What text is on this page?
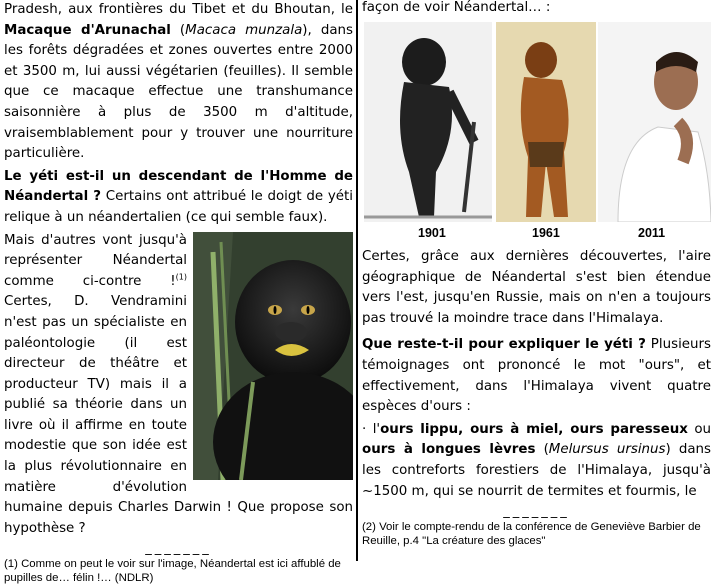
Pradesh, aux frontières du Tibet et du Bhoutan, le Macaque d'Arunachal (Macaca munzala), dans les forêts dégradées et zones ouvertes entre 2000 et 3500 m, lui aussi végétarien (feuilles). Il semble que ce macaque effectue une transhumance saisonnière à plus de 3500 m d'altitude, vraisemblablement pour y trouver une nourriture particulière.

Le yéti est-il un descendant de l'Homme de Néandertal ? Certains ont attribué le doigt de yéti relique à un néandertalien (ce qui semble faux).

Mais d'autres vont jusqu'à représenter Néandertal comme ci-contre !$^{(1)}$ Certes, D. Vendramini n'est pas un spécialiste en paléontologie (il est directeur de théâtre et producteur TV) mais il a publié sa théorie dans un livre où il affirme en toute modestie que son idée est la plus révolutionnaire en matière d'évolution humaine depuis Charles Darwin ! Que propose son hypothèse ?

_______
(1) Comme on peut le voir sur l'image, Néandertal est ici affublé de pupilles de… félin !… (NDLR)
façon de voir Néandertal… :
1901	1961	2011

Certes, grâce aux dernières découvertes, l'aire géographique de Néandertal s'est bien étendue vers l'est, jusqu'en Russie, mais on n'en a toujours pas trouvé la moindre trace dans l'Himalaya.

Que reste-t-il pour expliquer le yéti ? Plusieurs témoignages ont prononcé le mot "ours", et effectivement, dans l'Himalaya vivent quatre espèces d'ours :

· l'ours lippu, ours à miel, ours paresseux ou ours à longues lèvres (Melursus ursinus) dans les contreforts forestiers de l'Himalaya, jusqu'à ~1500 m, qui se nourrit de termites et fourmis, le

_______
(2) Voir le compte-rendu de la conférence de Geneviève Barbier de Reuille, p.4 "La créature des glaces"
